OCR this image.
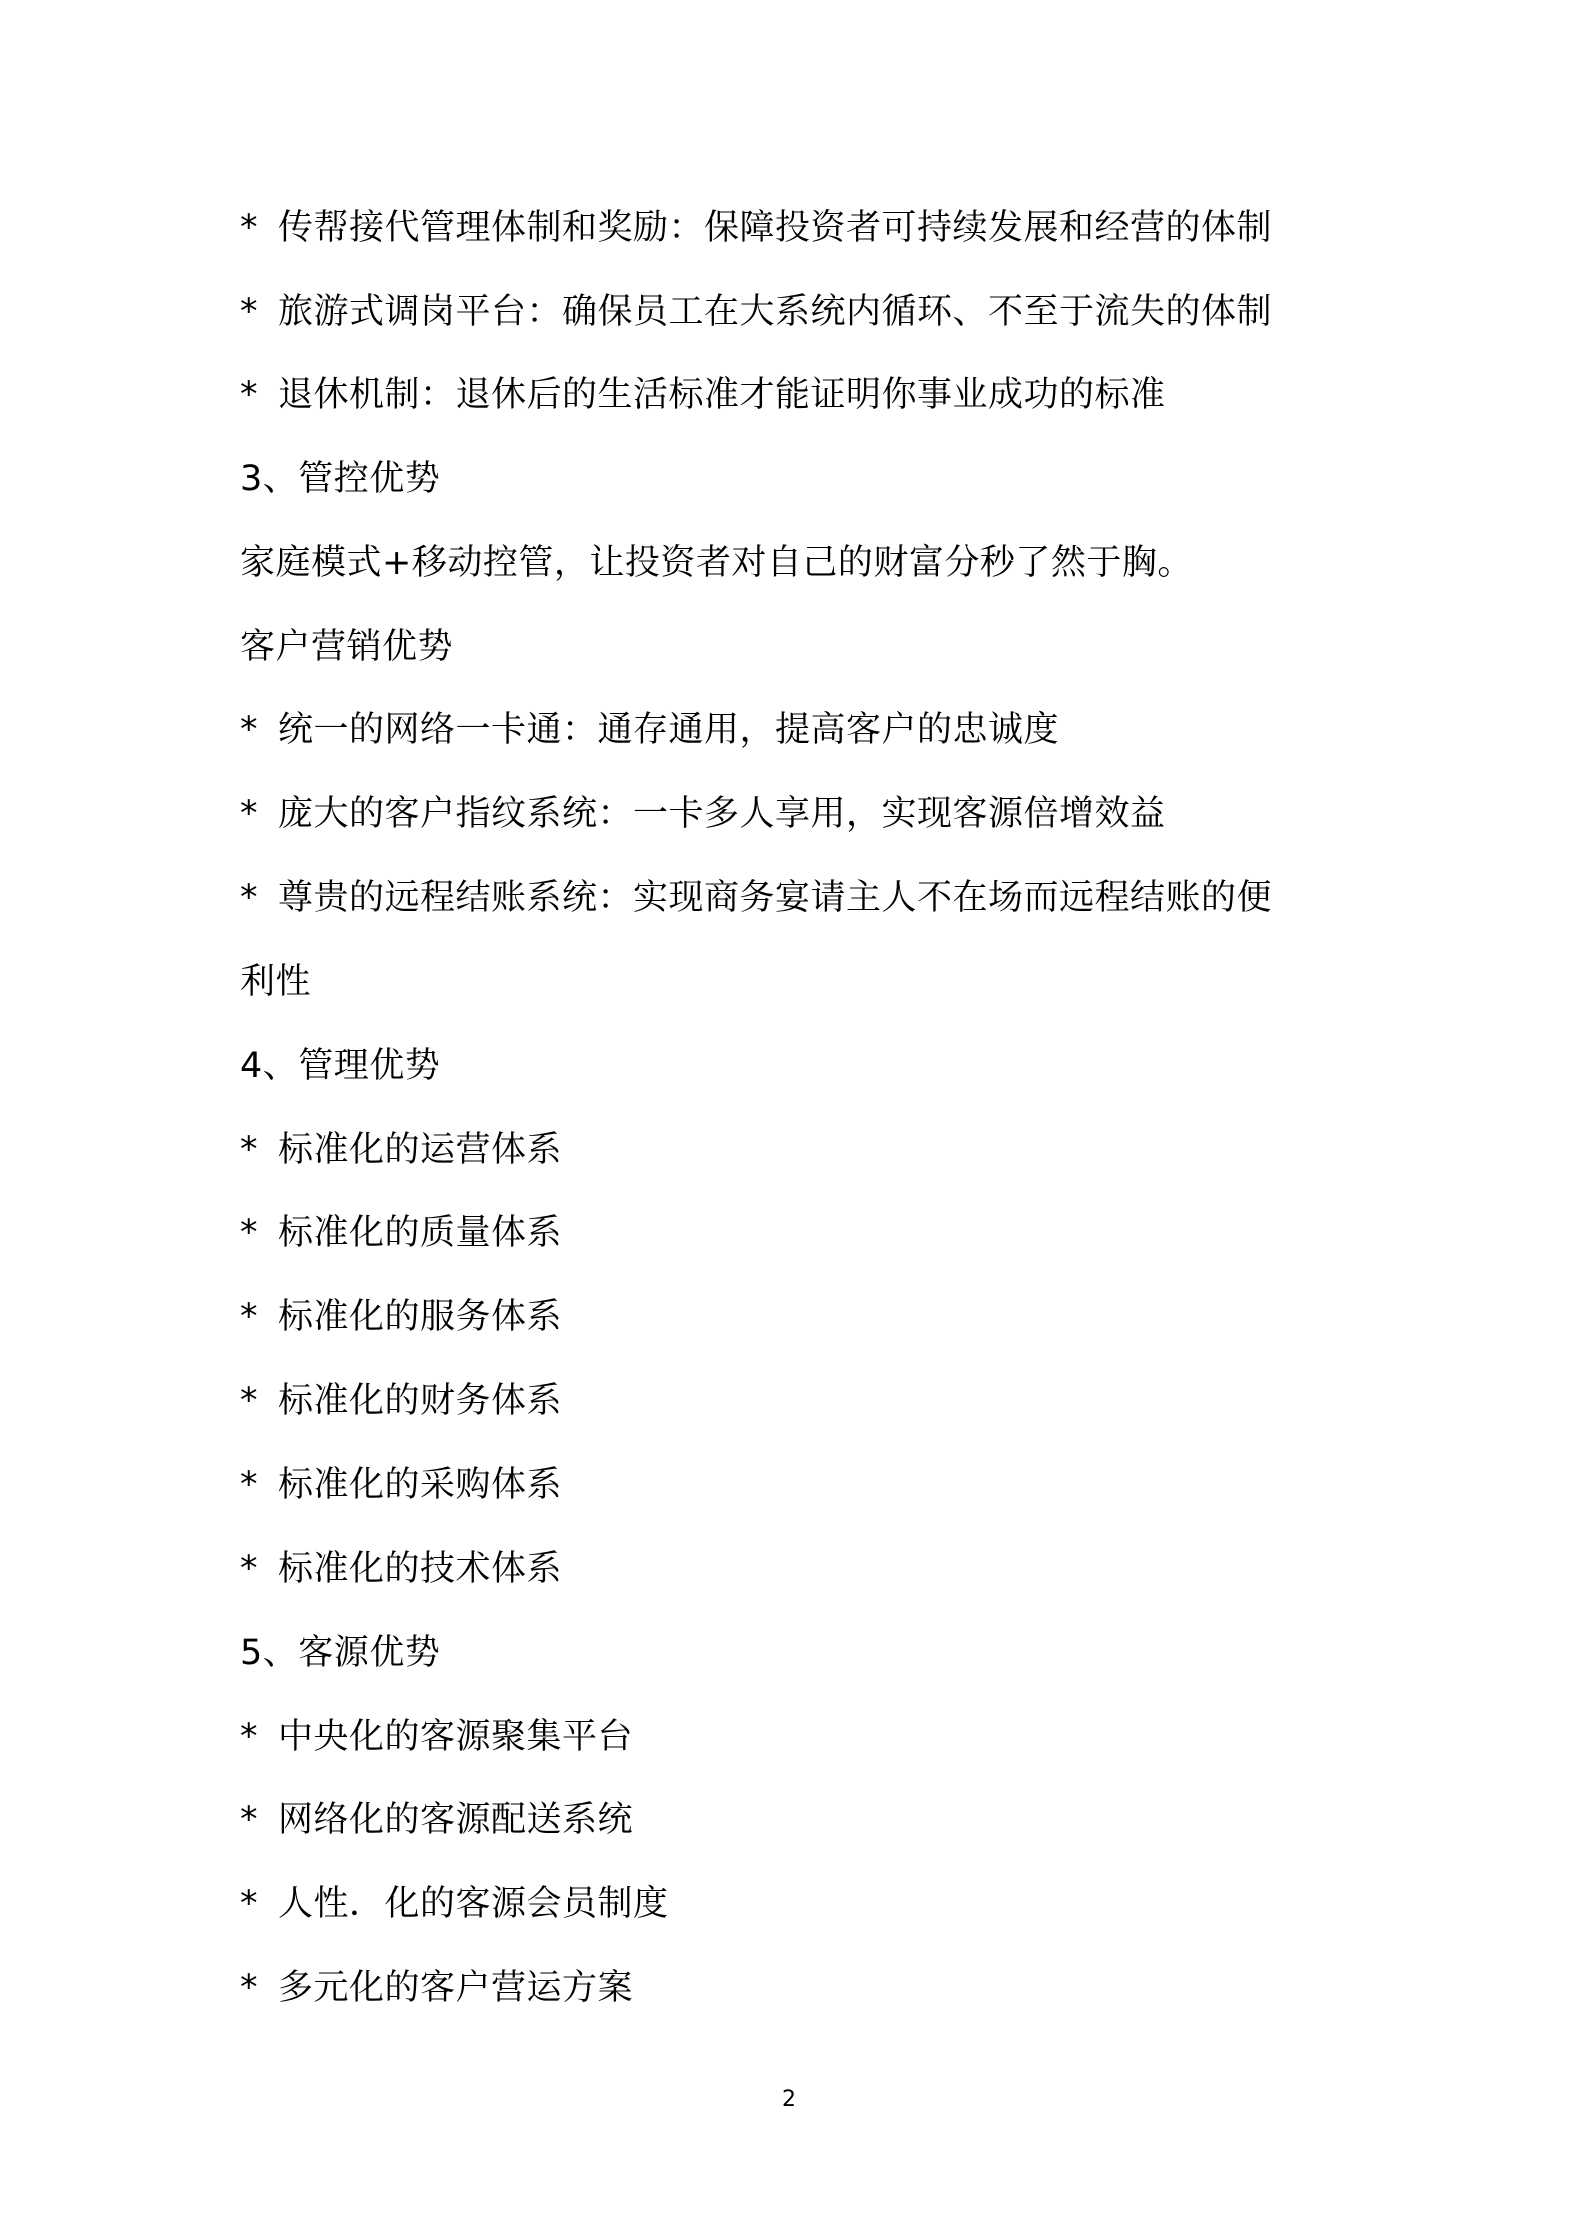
* 传帮接代管理体制和奖励：保障投资者可持续发展和经营的体制
* 旅游式调岗平台：确保员工在大系统内循环、不至于流失的体制
* 退休机制：退休后的生活标准才能证明你事业成功的标准
3、管控优势
家庭模式+移动控管，让投资者对自己的财富分秒了然于胸。
客户营销优势
* 统一的网络一卡通：通存通用，提高客户的忠诚度
* 庞大的客户指纹系统：一卡多人享用，实现客源倍增效益
* 尊贵的远程结账系统：实现商务宴请主人不在场而远程结账的便
利性
4、管理优势
* 标准化的运营体系
* 标准化的质量体系
* 标准化的服务体系
* 标准化的财务体系
* 标准化的采购体系
* 标准化的技术体系
5、客源优势
* 中央化的客源聚集平台
* 网络化的客源配送系统
* 人性．化的客源会员制度
* 多元化的客户营运方案
2
